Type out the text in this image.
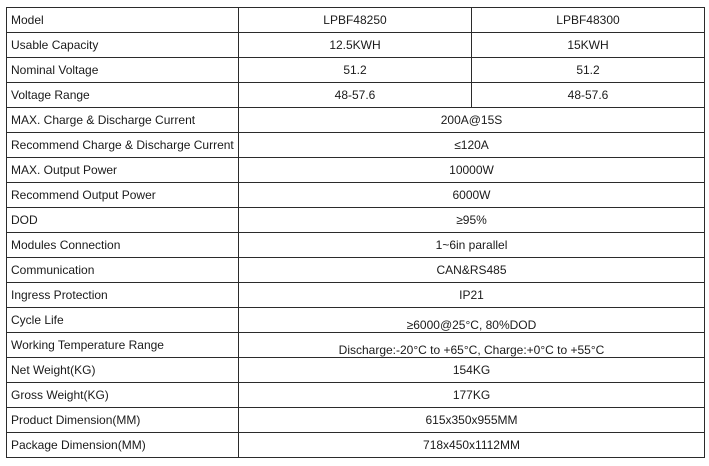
Model	LPBF48250	LPBF48300
Usable Capacity	12.5KWH	15KWH
Nominal Voltage	51.2	51.2
Voltage Range	48-57.6	48-57.6
MAX. Charge & Discharge Current	200A@15S	
Recommend Charge & Discharge Current	≤120A	
MAX. Output Power	10000W	
Recommend Output Power	6000W	
DOD	≥95%	
Modules Connection	1~6in parallel	
Communication	CAN&RS485	
Ingress Protection	IP21	
Cycle Life	≥6000@25°C, 80%DOD	
Working Temperature Range	Discharge:-20°C to +65°C, Charge:+0°C to +55°C	
Net Weight(KG)	154KG	
Gross Weight(KG)	177KG	
Product Dimension(MM)	615x350x955MM	
Package Dimension(MM)	718x450x1112MM	
